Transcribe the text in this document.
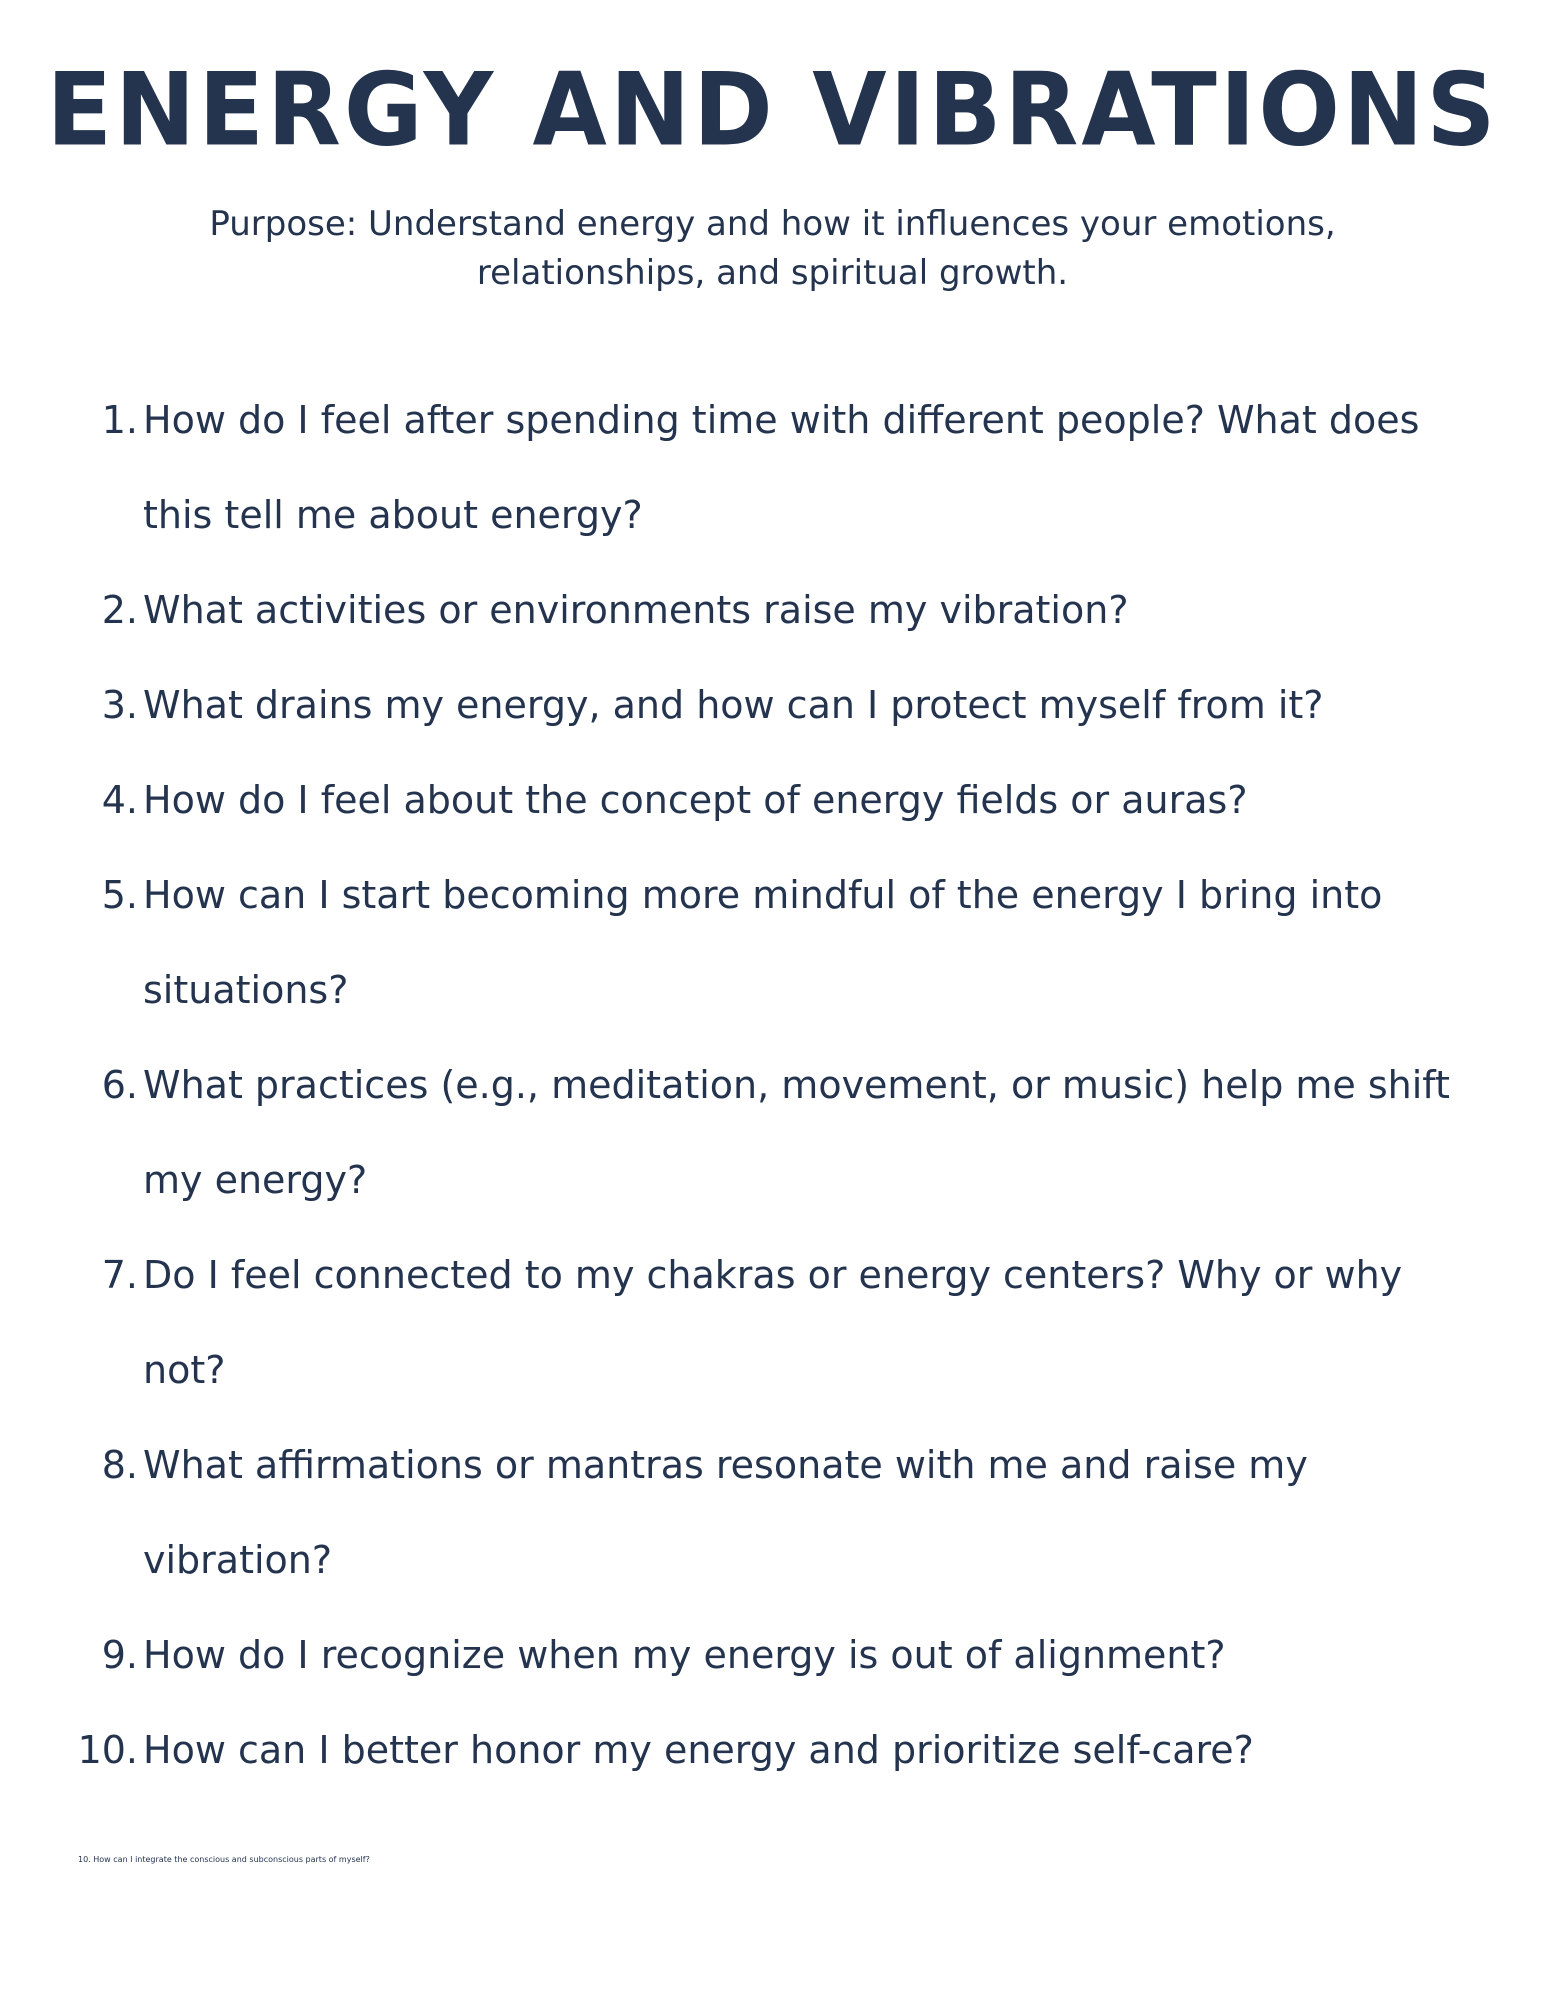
ENERGY AND VIBRATIONS
Purpose: Understand energy and how it influences your emotions,
relationships, and spiritual growth.
1. How do I feel after spending time with different people? What does
this tell me about energy?
2. What activities or environments raise my vibration?
3. What drains my energy, and how can I protect myself from it?
4. How do I feel about the concept of energy fields or auras?
5. How can I start becoming more mindful of the energy I bring into
situations?
6. What practices (e.g., meditation, movement, or music) help me shift
my energy?
7. Do I feel connected to my chakras or energy centers? Why or why
not?
8. What affirmations or mantras resonate with me and raise my
vibration?
9. How do I recognize when my energy is out of alignment?
10. How can I better honor my energy and prioritize self-care?
10. How can I integrate the conscious and subconscious parts of myself?
